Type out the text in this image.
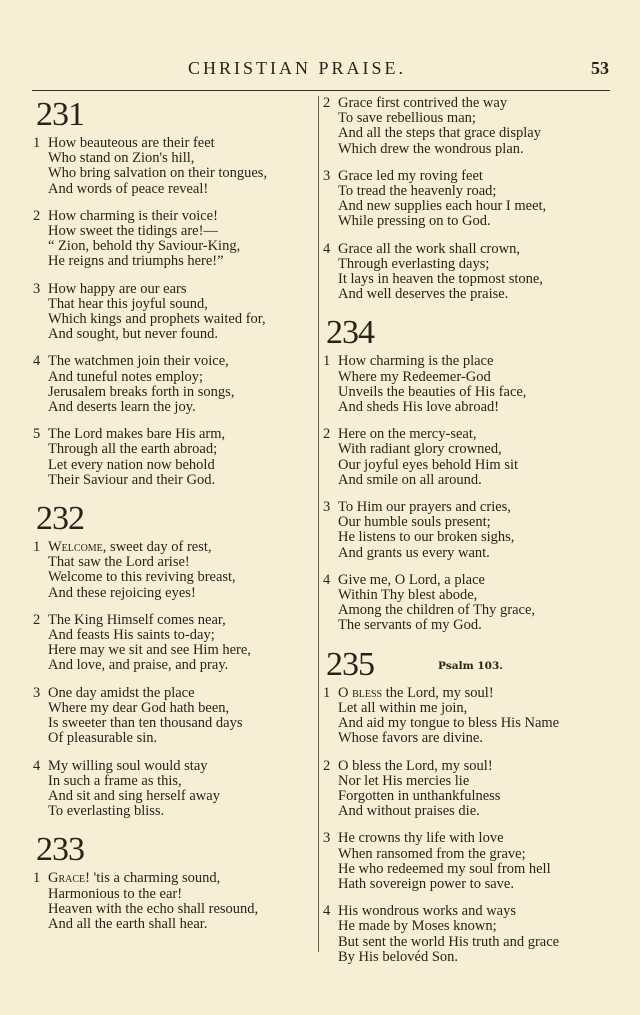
CHRISTIAN PRAISE.	53
231
1 How beauteous are their feet
Who stand on Zion's hill,
Who bring salvation on their tongues,
And words of peace reveal!
2 How charming is their voice!
How sweet the tidings are!—
“ Zion, behold thy Saviour-King,
He reigns and triumphs here!”
3 How happy are our ears
That hear this joyful sound,
Which kings and prophets waited for,
And sought, but never found.
4 The watchmen join their voice,
And tuneful notes employ;
Jerusalem breaks forth in songs,
And deserts learn the joy.
5 The Lord makes bare His arm,
Through all the earth abroad;
Let every nation now behold
Their Saviour and their God.
232
1 Welcome, sweet day of rest,
That saw the Lord arise!
Welcome to this reviving breast,
And these rejoicing eyes!
2 The King Himself comes near,
And feasts His saints to-day;
Here may we sit and see Him here,
And love, and praise, and pray.
3 One day amidst the place
Where my dear God hath been,
Is sweeter than ten thousand days
Of pleasurable sin.
4 My willing soul would stay
In such a frame as this,
And sit and sing herself away
To everlasting bliss.
233
1 Grace! 'tis a charming sound,
Harmonious to the ear!
Heaven with the echo shall resound,
And all the earth shall hear.
2 Grace first contrived the way
To save rebellious man;
And all the steps that grace display
Which drew the wondrous plan.
3 Grace led my roving feet
To tread the heavenly road;
And new supplies each hour I meet,
While pressing on to God.
4 Grace all the work shall crown,
Through everlasting days;
It lays in heaven the topmost stone,
And well deserves the praise.
234
1 How charming is the place
Where my Redeemer-God
Unveils the beauties of His face,
And sheds His love abroad!
2 Here on the mercy-seat,
With radiant glory crowned,
Our joyful eyes behold Him sit
And smile on all around.
3 To Him our prayers and cries,
Our humble souls present;
He listens to our broken sighs,
And grants us every want.
4 Give me, O Lord, a place
Within Thy blest abode,
Among the children of Thy grace,
The servants of my God.
235	Psalm 103.
1 O bless the Lord, my soul!
Let all within me join,
And aid my tongue to bless His Name
Whose favors are divine.
2 O bless the Lord, my soul!
Nor let His mercies lie
Forgotten in unthankfulness
And without praises die.
3 He crowns thy life with love
When ransomed from the grave;
He who redeemed my soul from hell
Hath sovereign power to save.
4 His wondrous works and ways
He made by Moses known;
But sent the world His truth and grace
By His belovéd Son.
